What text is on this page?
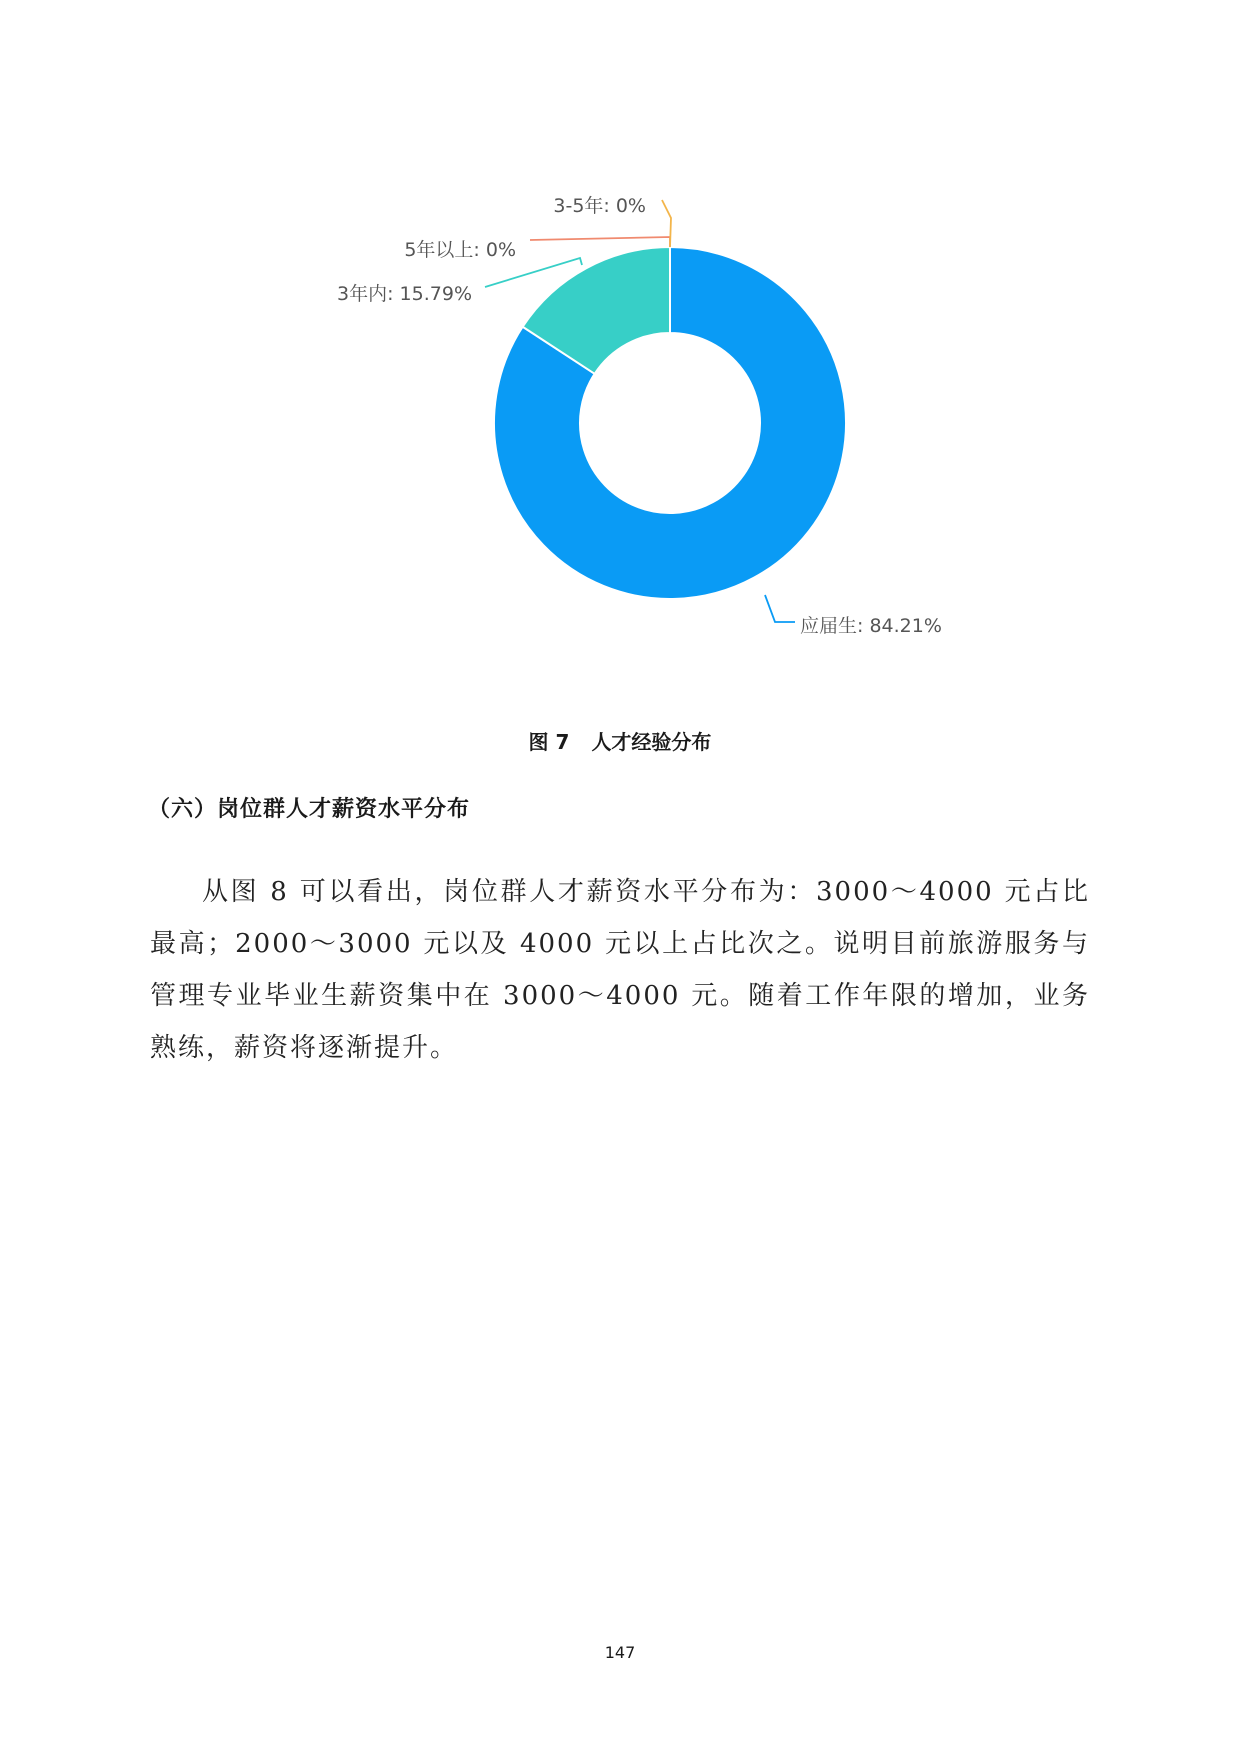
应届生: 84.21%
3年内: 15.79%
5年以上: 0%
3-5年: 0%
图 7 人才经验分布
（六）岗位群人才薪资水平分布

从图 8 可以看出，岗位群人才薪资水平分布为：3000～4000 元占比最高；2000～3000 元以及 4000 元以上占比次之。说明目前旅游服务与管理专业毕业生薪资集中在 3000～4000 元。随着工作年限的增加，业务熟练，薪资将逐渐提升。

147
